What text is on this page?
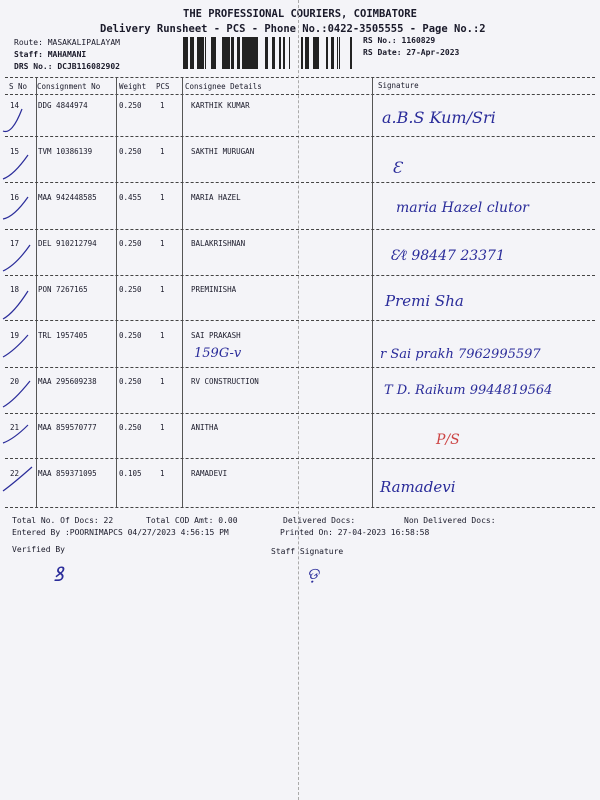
THE PROFESSIONAL COURIERS, COIMBATORE
Delivery Runsheet - PCS - Phone No.:0422-3505555 - Page No.:2
Route: MASAKALIPALAYAM
Staff: MAHAMANI
DRS No.: DCJB116082902
RS No.: 1160829
RS Date: 27-Apr-2023
S No Consignment No	Weight PCS Consignee Details	Signature
14	DDG 4844974	0.250 1	KARTHIK KUMAR
a.B.S Kum/Sri
15	TVM 10386139	0.250 1	SAKTHI MURUGAN
Ɛ
16	MAA 942448585	0.455 1	MARIA HAZEL
maria Hazel clutor
17	DEL 910212794	0.250 1	BALAKRISHNAN
Ɛ⁄ℓ 98447 23371
18	PON 7267165	0.250 1	PREMINISHA
Premi Sha
19	TRL 1957405	0.250 1	SAI PRAKASH
159G-v	r Sai prakh 7962995597
20	MAA 295609238	0.250 1	RV CONSTRUCTION
T D. Raikum 9944819564
21	MAA 859570777	0.250 1	ANITHA
P/S
22	MAA 859371095	0.105 1	RAMADEVI
Ramadevi
Total No. Of Docs: 22	Total COD Amt: 0.00	Delivered Docs:	Non Delivered Docs:
Entered By :POORNIMAPCS 04/27/2023 4:56:15 PM	Printed On: 27-04-2023 16:58:58
Verified By	Staff Signature
ꝸ	ଡ଼
